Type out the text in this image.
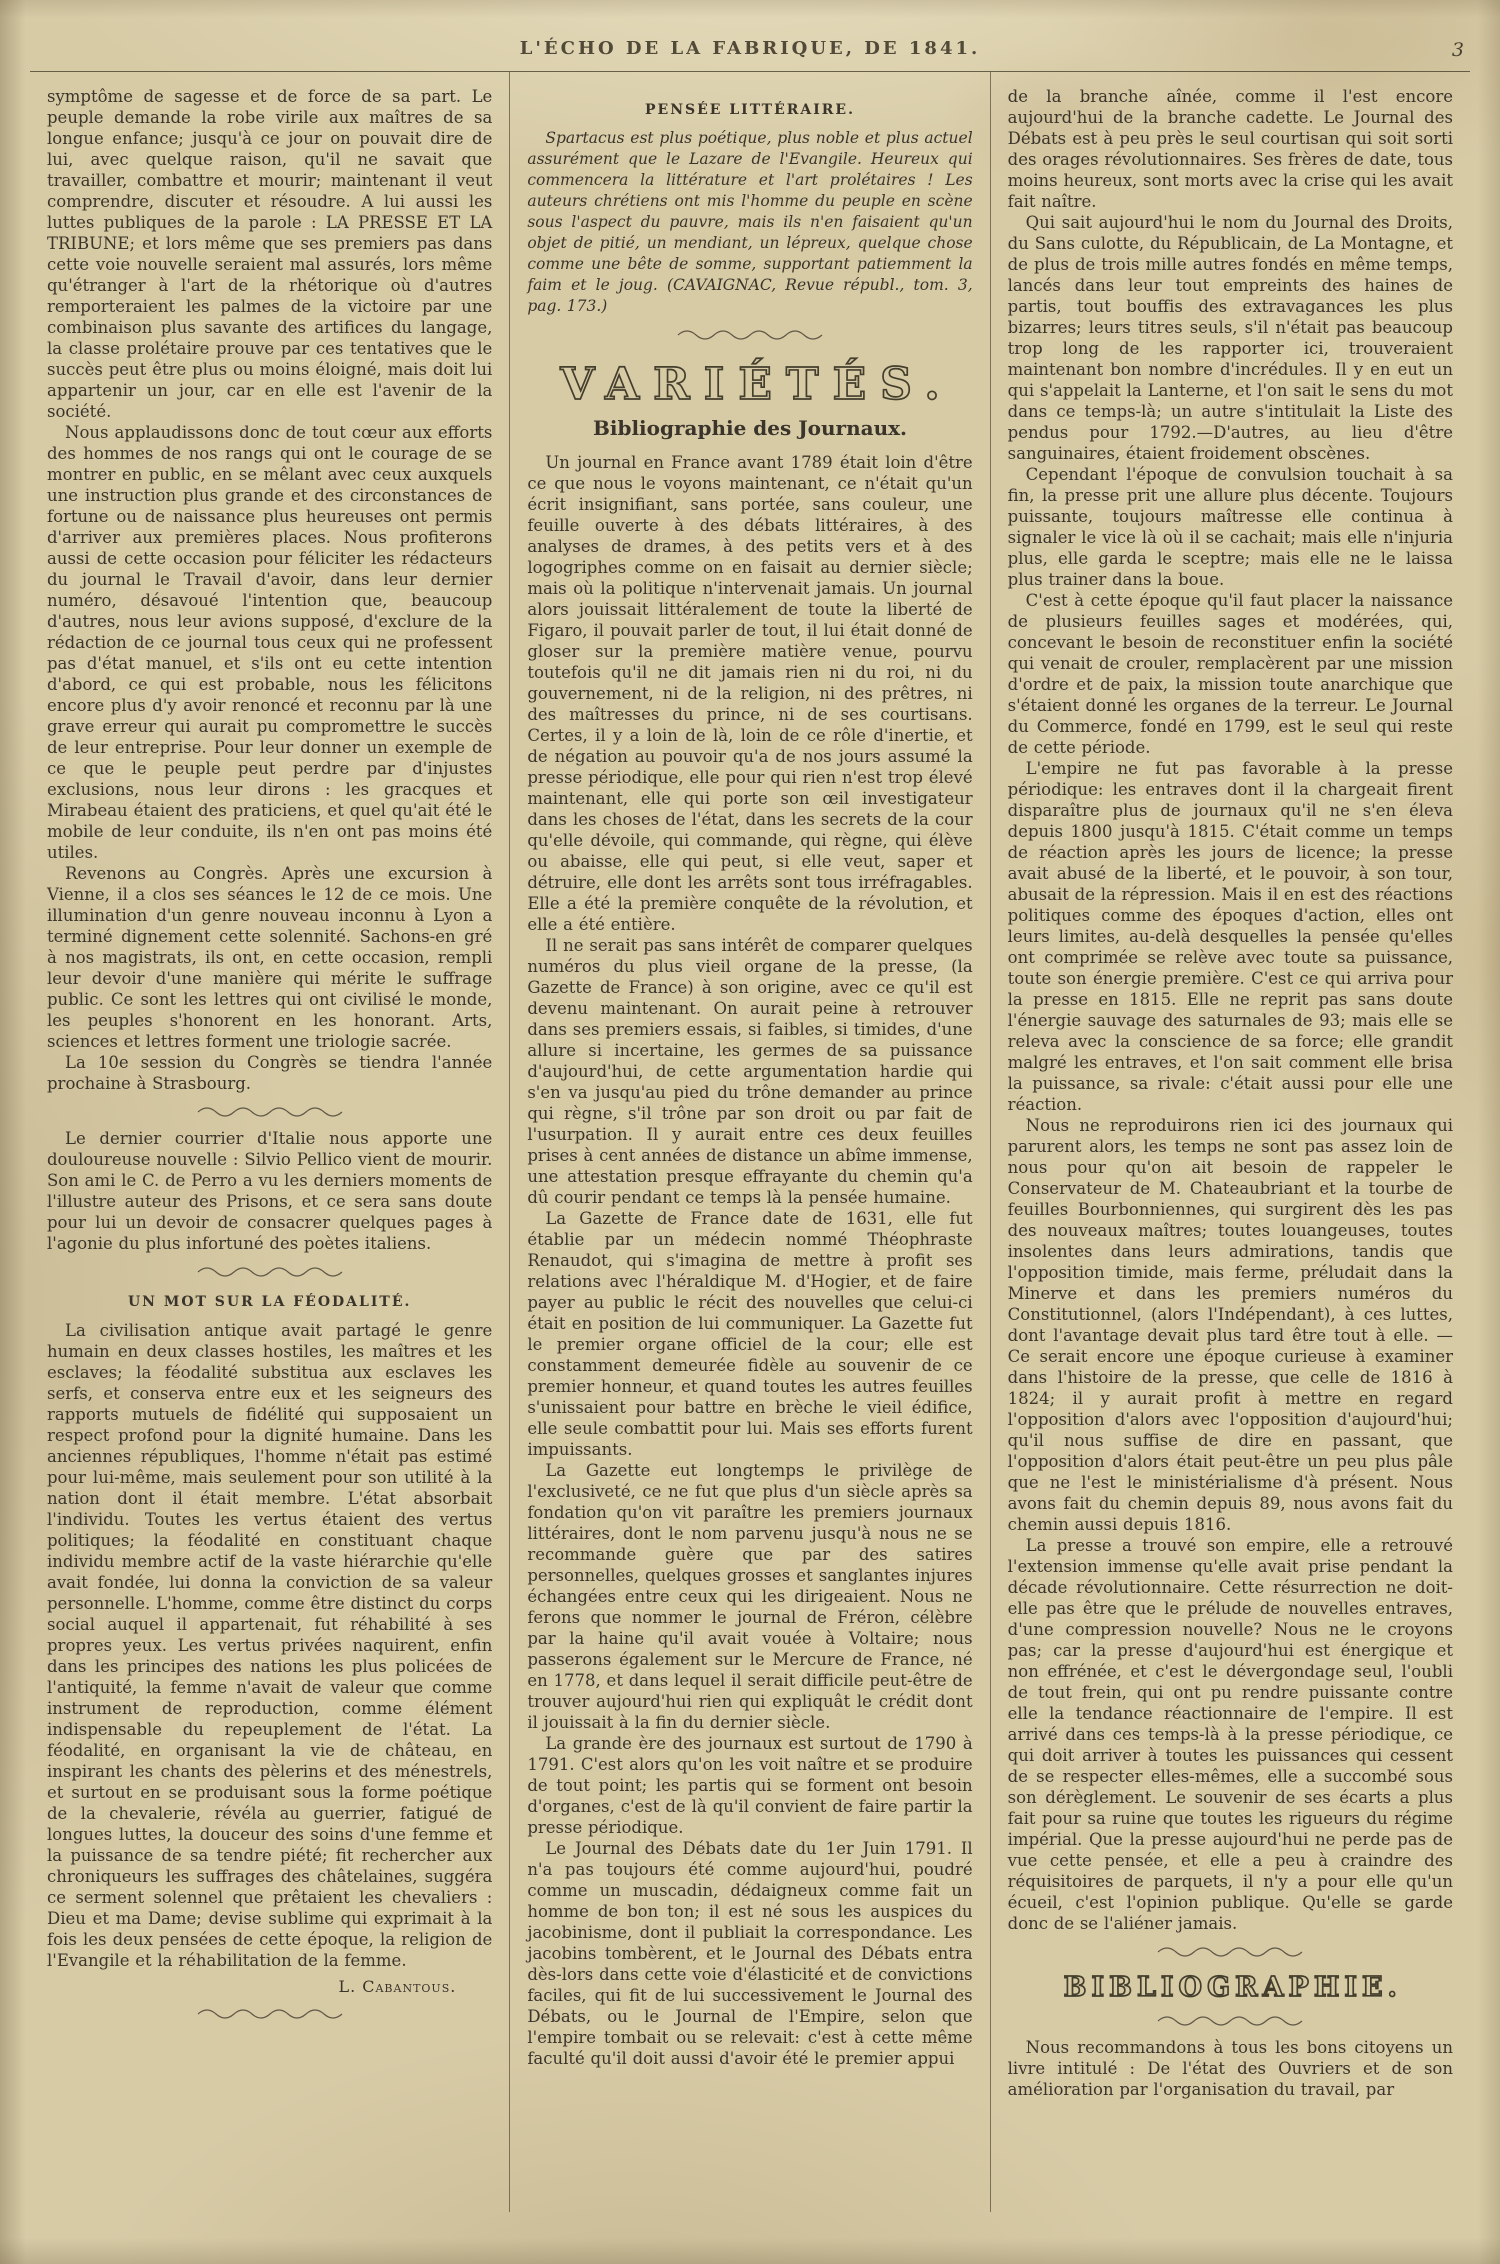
L'ÉCHO DE LA FABRIQUE, DE 1841.	3

symptôme de sagesse et de force de sa part. Le peuple demande la robe virile aux maîtres de sa longue enfance; jusqu'à ce jour on pouvait dire de lui, avec quelque raison, qu'il ne savait que travailler, combattre et mourir; maintenant il veut comprendre, discuter et résoudre. A lui aussi les luttes publiques de la parole : LA PRESSE ET LA TRIBUNE; et lors même que ses premiers pas dans cette voie nouvelle seraient mal assurés, lors même qu'étranger à l'art de la rhétorique où d'autres remporteraient les palmes de la victoire par une combinaison plus savante des artifices du langage, la classe prolétaire prouve par ces tentatives que le succès peut être plus ou moins éloigné, mais doit lui appartenir un jour, car en elle est l'avenir de la société.

Nous applaudissons donc de tout cœur aux efforts des hommes de nos rangs qui ont le courage de se montrer en public, en se mêlant avec ceux auxquels une instruction plus grande et des circonstances de fortune ou de naissance plus heureuses ont permis d'arriver aux premières places. Nous profiterons aussi de cette occasion pour féliciter les rédacteurs du journal le Travail d'avoir, dans leur dernier numéro, désavoué l'intention que, beaucoup d'autres, nous leur avions supposé, d'exclure de la rédaction de ce journal tous ceux qui ne professent pas d'état manuel, et s'ils ont eu cette intention d'abord, ce qui est probable, nous les félicitons encore plus d'y avoir renoncé et reconnu par là une grave erreur qui aurait pu compromettre le succès de leur entreprise. Pour leur donner un exemple de ce que le peuple peut perdre par d'injustes exclusions, nous leur dirons : les gracques et Mirabeau étaient des praticiens, et quel qu'ait été le mobile de leur conduite, ils n'en ont pas moins été utiles.

Revenons au Congrès. Après une excursion à Vienne, il a clos ses séances le 12 de ce mois. Une illumination d'un genre nouveau inconnu à Lyon a terminé dignement cette solennité. Sachons-en gré à nos magistrats, ils ont, en cette occasion, rempli leur devoir d'une manière qui mérite le suffrage public. Ce sont les lettres qui ont civilisé le monde, les peuples s'honorent en les honorant. Arts, sciences et lettres forment une triologie sacrée.

La 10e session du Congrès se tiendra l'année prochaine à Strasbourg.

Le dernier courrier d'Italie nous apporte une douloureuse nouvelle : Silvio Pellico vient de mourir. Son ami le C. de Perro a vu les derniers moments de l'illustre auteur des Prisons, et ce sera sans doute pour lui un devoir de consacrer quelques pages à l'agonie du plus infortuné des poètes italiens.

UN MOT SUR LA FÉODALITÉ.

La civilisation antique avait partagé le genre humain en deux classes hostiles, les maîtres et les esclaves; la féodalité substitua aux esclaves les serfs, et conserva entre eux et les seigneurs des rapports mutuels de fidélité qui supposaient un respect profond pour la dignité humaine. Dans les anciennes républiques, l'homme n'était pas estimé pour lui-même, mais seulement pour son utilité à la nation dont il était membre. L'état absorbait l'individu. Toutes les vertus étaient des vertus politiques; la féodalité en constituant chaque individu membre actif de la vaste hiérarchie qu'elle avait fondée, lui donna la conviction de sa valeur personnelle. L'homme, comme être distinct du corps social auquel il appartenait, fut réhabilité à ses propres yeux. Les vertus privées naquirent, enfin dans les principes des nations les plus policées de l'antiquité, la femme n'avait de valeur que comme instrument de reproduction, comme élément indispensable du repeuplement de l'état. La féodalité, en organisant la vie de château, en inspirant les chants des pèlerins et des ménestrels, et surtout en se produisant sous la forme poétique de la chevalerie, révéla au guerrier, fatigué de longues luttes, la douceur des soins d'une femme et la puissance de sa tendre piété; fit rechercher aux chroniqueurs les suffrages des châtelaines, suggéra ce serment solennel que prêtaient les chevaliers : Dieu et ma Dame; devise sublime qui exprimait à la fois les deux pensées de cette époque, la religion de l'Evangile et la réhabilitation de la femme.

L. Cabantous.

PENSÉE LITTÉRAIRE.

Spartacus est plus poétique, plus noble et plus actuel assurément que le Lazare de l'Evangile. Heureux qui commencera la littérature et l'art prolétaires ! Les auteurs chrétiens ont mis l'homme du peuple en scène sous l'aspect du pauvre, mais ils n'en faisaient qu'un objet de pitié, un mendiant, un lépreux, quelque chose comme une bête de somme, supportant patiemment la faim et le joug. (CAVAIGNAC, Revue républ., tom. 3, pag. 173.)

VARIÉTÉS.
Bibliographie des Journaux.

Un journal en France avant 1789 était loin d'être ce que nous le voyons maintenant, ce n'était qu'un écrit insignifiant, sans portée, sans couleur, une feuille ouverte à des débats littéraires, à des analyses de drames, à des petits vers et à des logogriphes comme on en faisait au dernier siècle; mais où la politique n'intervenait jamais. Un journal alors jouissait littéralement de toute la liberté de Figaro, il pouvait parler de tout, il lui était donné de gloser sur la première matière venue, pourvu toutefois qu'il ne dit jamais rien ni du roi, ni du gouvernement, ni de la religion, ni des prêtres, ni des maîtresses du prince, ni de ses courtisans. Certes, il y a loin de là, loin de ce rôle d'inertie, et de négation au pouvoir qu'a de nos jours assumé la presse périodique, elle pour qui rien n'est trop élevé maintenant, elle qui porte son œil investigateur dans les choses de l'état, dans les secrets de la cour qu'elle dévoile, qui commande, qui règne, qui élève ou abaisse, elle qui peut, si elle veut, saper et détruire, elle dont les arrêts sont tous irréfragables. Elle a été la première conquête de la révolution, et elle a été entière.

Il ne serait pas sans intérêt de comparer quelques numéros du plus vieil organe de la presse, (la Gazette de France) à son origine, avec ce qu'il est devenu maintenant. On aurait peine à retrouver dans ses premiers essais, si faibles, si timides, d'une allure si incertaine, les germes de sa puissance d'aujourd'hui, de cette argumentation hardie qui s'en va jusqu'au pied du trône demander au prince qui règne, s'il trône par son droit ou par fait de l'usurpation. Il y aurait entre ces deux feuilles prises à cent années de distance un abîme immense, une attestation presque effrayante du chemin qu'a dû courir pendant ce temps là la pensée humaine.

La Gazette de France date de 1631, elle fut établie par un médecin nommé Théophraste Renaudot, qui s'imagina de mettre à profit ses relations avec l'héraldique M. d'Hogier, et de faire payer au public le récit des nouvelles que celui-ci était en position de lui communiquer. La Gazette fut le premier organe officiel de la cour; elle est constamment demeurée fidèle au souvenir de ce premier honneur, et quand toutes les autres feuilles s'unissaient pour battre en brèche le vieil édifice, elle seule combattit pour lui. Mais ses efforts furent impuissants.

La Gazette eut longtemps le privilège de l'exclusiveté, ce ne fut que plus d'un siècle après sa fondation qu'on vit paraître les premiers journaux littéraires, dont le nom parvenu jusqu'à nous ne se recommande guère que par des satires personnelles, quelques grosses et sanglantes injures échangées entre ceux qui les dirigeaient. Nous ne ferons que nommer le journal de Fréron, célèbre par la haine qu'il avait vouée à Voltaire; nous passerons également sur le Mercure de France, né en 1778, et dans lequel il serait difficile peut-être de trouver aujourd'hui rien qui expliquât le crédit dont il jouissait à la fin du dernier siècle.

La grande ère des journaux est surtout de 1790 à 1791. C'est alors qu'on les voit naître et se produire de tout point; les partis qui se forment ont besoin d'organes, c'est de là qu'il convient de faire partir la presse périodique.

Le Journal des Débats date du 1er Juin 1791. Il n'a pas toujours été comme aujourd'hui, poudré comme un muscadin, dédaigneux comme fait un homme de bon ton; il est né sous les auspices du jacobinisme, dont il publiait la correspondance. Les jacobins tombèrent, et le Journal des Débats entra dès-lors dans cette voie d'élasticité et de convictions faciles, qui fit de lui successivement le Journal des Débats, ou le Journal de l'Empire, selon que l'empire tombait ou se relevait: c'est à cette même faculté qu'il doit aussi d'avoir été le premier appui

de la branche aînée, comme il l'est encore aujourd'hui de la branche cadette. Le Journal des Débats est à peu près le seul courtisan qui soit sorti des orages révolutionnaires. Ses frères de date, tous moins heureux, sont morts avec la crise qui les avait fait naître.

Qui sait aujourd'hui le nom du Journal des Droits, du Sans culotte, du Républicain, de La Montagne, et de plus de trois mille autres fondés en même temps, lancés dans leur tout empreints des haines de partis, tout bouffis des extravagances les plus bizarres; leurs titres seuls, s'il n'était pas beaucoup trop long de les rapporter ici, trouveraient maintenant bon nombre d'incrédules. Il y en eut un qui s'appelait la Lanterne, et l'on sait le sens du mot dans ce temps-là; un autre s'intitulait la Liste des pendus pour 1792.—D'autres, au lieu d'être sanguinaires, étaient froidement obscènes.

Cependant l'époque de convulsion touchait à sa fin, la presse prit une allure plus décente. Toujours puissante, toujours maîtresse elle continua à signaler le vice là où il se cachait; mais elle n'injuria plus, elle garda le sceptre; mais elle ne le laissa plus trainer dans la boue.

C'est à cette époque qu'il faut placer la naissance de plusieurs feuilles sages et modérées, qui, concevant le besoin de reconstituer enfin la société qui venait de crouler, remplacèrent par une mission d'ordre et de paix, la mission toute anarchique que s'étaient donné les organes de la terreur. Le Journal du Commerce, fondé en 1799, est le seul qui reste de cette période.

L'empire ne fut pas favorable à la presse périodique: les entraves dont il la chargeait firent disparaître plus de journaux qu'il ne s'en éleva depuis 1800 jusqu'à 1815. C'était comme un temps de réaction après les jours de licence; la presse avait abusé de la liberté, et le pouvoir, à son tour, abusait de la répression. Mais il en est des réactions politiques comme des époques d'action, elles ont leurs limites, au-delà desquelles la pensée qu'elles ont comprimée se relève avec toute sa puissance, toute son énergie première. C'est ce qui arriva pour la presse en 1815. Elle ne reprit pas sans doute l'énergie sauvage des saturnales de 93; mais elle se releva avec la conscience de sa force; elle grandit malgré les entraves, et l'on sait comment elle brisa la puissance, sa rivale: c'était aussi pour elle une réaction.

Nous ne reproduirons rien ici des journaux qui parurent alors, les temps ne sont pas assez loin de nous pour qu'on ait besoin de rappeler le Conservateur de M. Chateaubriant et la tourbe de feuilles Bourbonniennes, qui surgirent dès les pas des nouveaux maîtres; toutes louangeuses, toutes insolentes dans leurs admirations, tandis que l'opposition timide, mais ferme, préludait dans la Minerve et dans les premiers numéros du Constitutionnel, (alors l'Indépendant), à ces luttes, dont l'avantage devait plus tard être tout à elle. —Ce serait encore une époque curieuse à examiner dans l'histoire de la presse, que celle de 1816 à 1824; il y aurait profit à mettre en regard l'opposition d'alors avec l'opposition d'aujourd'hui; qu'il nous suffise de dire en passant, que l'opposition d'alors était peut-être un peu plus pâle que ne l'est le ministérialisme d'à présent. Nous avons fait du chemin depuis 89, nous avons fait du chemin aussi depuis 1816.

La presse a trouvé son empire, elle a retrouvé l'extension immense qu'elle avait prise pendant la décade révolutionnaire. Cette résurrection ne doit-elle pas être que le prélude de nouvelles entraves, d'une compression nouvelle? Nous ne le croyons pas; car la presse d'aujourd'hui est énergique et non effrénée, et c'est le dévergondage seul, l'oubli de tout frein, qui ont pu rendre puissante contre elle la tendance réactionnaire de l'empire. Il est arrivé dans ces temps-là à la presse périodique, ce qui doit arriver à toutes les puissances qui cessent de se respecter elles-mêmes, elle a succombé sous son dérèglement. Le souvenir de ses écarts a plus fait pour sa ruine que toutes les rigueurs du régime impérial. Que la presse aujourd'hui ne perde pas de vue cette pensée, et elle a peu à craindre des réquisitoires de parquets, il n'y a pour elle qu'un écueil, c'est l'opinion publique. Qu'elle se garde donc de se l'aliéner jamais.

BIBLIOGRAPHIE.

Nous recommandons à tous les bons citoyens un livre intitulé : De l'état des Ouvriers et de son amélioration par l'organisation du travail, par
